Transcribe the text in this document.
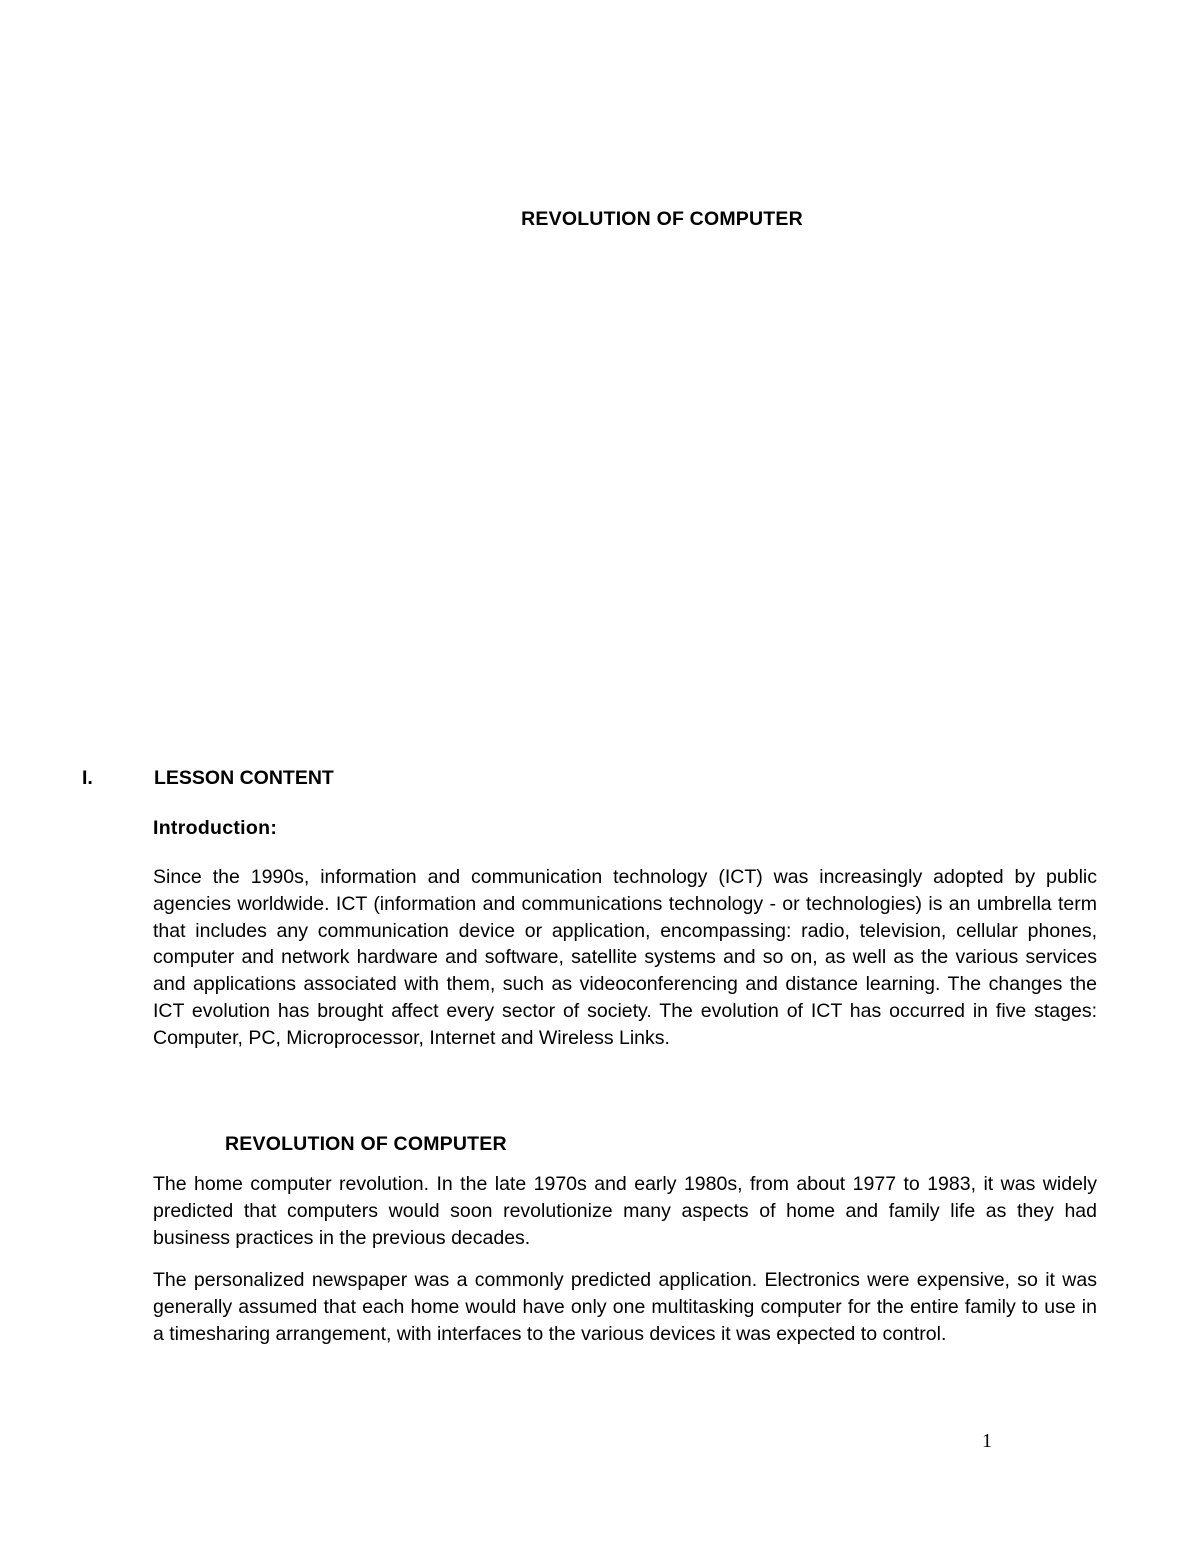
REVOLUTION OF COMPUTER
I.	LESSON CONTENT
Introduction:

Since the 1990s, information and communication technology (ICT) was increasingly adopted by public agencies worldwide. ICT (information and communications technology - or technologies) is an umbrella term that includes any communication device or application, encompassing: radio, television, cellular phones, computer and network hardware and software, satellite systems and so on, as well as the various services and applications associated with them, such as videoconferencing and distance learning. The changes the ICT evolution has brought affect every sector of society. The evolution of ICT has occurred in five stages: Computer, PC, Microprocessor, Internet and Wireless Links.

REVOLUTION OF COMPUTER

The home computer revolution. In the late 1970s and early 1980s, from about 1977 to 1983, it was widely predicted that computers would soon revolutionize many aspects of home and family life as they had business practices in the previous decades.

The personalized newspaper was a commonly predicted application. Electronics were expensive, so it was generally assumed that each home would have only one multitasking computer for the entire family to use in a timesharing arrangement, with interfaces to the various devices it was expected to control.

1
